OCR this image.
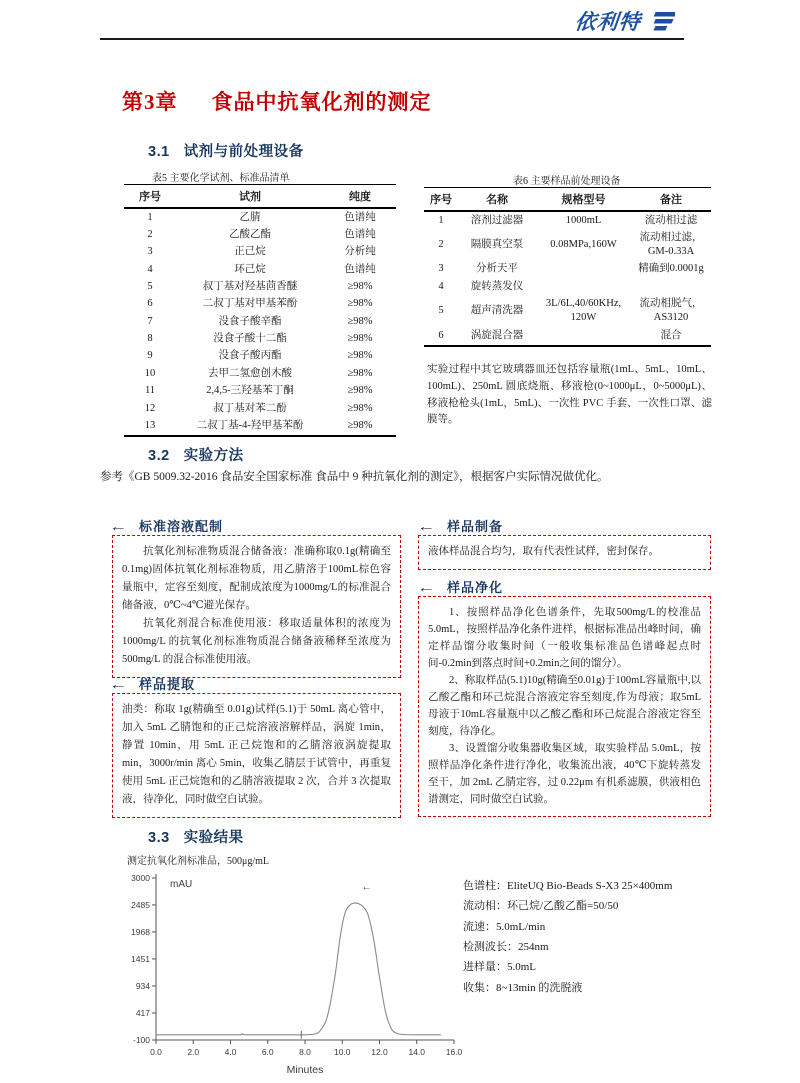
依利特
第3章 食品中抗氧化剂的测定
3.1 试剂与前处理设备
表5 主要化学试剂、标准品清单
序号	试剂	纯度
1	乙腈	色谱纯
2	乙酸乙酯	色谱纯
3	正己烷	分析纯
4	环己烷	色谱纯
5	叔丁基对羟基茴香醚	≥98%
6	二叔丁基对甲基苯酚	≥98%
7	没食子酸辛酯	≥98%
8	没食子酸十二酯	≥98%
9	没食子酸丙酯	≥98%
10	去甲二氢愈创木酸	≥98%
11	2,4,5-三羟基苯丁酮	≥98%
12	叔丁基对苯二酚	≥98%
13	二叔丁基-4-羟甲基苯酚	≥98%
表6 主要样品前处理设备
序号	名称	规格型号	备注
1	溶剂过滤器	1000mL	流动相过滤
2	隔膜真空泵	0.08MPa,160W	流动相过滤，GM-0.33A
3	分析天平		精确到0.0001g
4	旋转蒸发仪		
5	超声清洗器	3L/6L,40/60KHz, 120W	流动相脱气，AS3120
6	涡旋混合器		混合
实验过程中其它玻璃器皿还包括容量瓶(1mL、5mL、10mL、100mL)、250mL 圆底烧瓶、移液枪(0~1000μL，0~5000μL)、移液枪枪头(1mL，5mL)、一次性 PVC 手套、一次性口罩、滤膜等。
3.2 实验方法
参考《GB 5009.32-2016 食品安全国家标准 食品中 9 种抗氧化剂的测定》，根据客户实际情况做优化。
← 标准溶液配制

抗氧化剂标准物质混合储备液：准确称取0.1g(精确至0.1mg)固体抗氧化剂标准物质，用乙腈溶于100mL棕色容量瓶中，定容至刻度，配制成浓度为1000mg/L的标准混合储备液，0℃~4℃避光保存。

抗氧化剂混合标准使用液：移取适量体积的浓度为1000mg/L 的抗氧化剂标准物质混合储备液稀释至浓度为500mg/L 的混合标准使用液。

← 样品提取

油类：称取 1g(精确至 0.01g)试样(5.1)于 50mL 离心管中，加入 5mL 乙腈饱和的正己烷溶液溶解样品，涡旋 1min，静置 10min，用 5mL 正己烷饱和的乙腈溶液涡旋提取 min，3000r/min 离心 5min，收集乙腈层于试管中，再重复使用 5mL 正己烷饱和的乙腈溶液提取 2 次，合并 3 次提取液，待净化，同时做空白试验。

← 样品制备

液体样品混合均匀，取有代表性试样，密封保存。

← 样品净化

1、按照样品净化色谱条件，先取500mg/L的校准品5.0mL，按照样品净化条件进样，根据标准品出峰时间，确定样品馏分收集时间（一般收集标准品色谱峰起点时间-0.2min到落点时间+0.2min之间的馏分）。

2、称取样品(5.1)10g(精确至0.01g)于100mL容量瓶中,以乙酸乙酯和环己烷混合溶液定容至刻度,作为母液；取5mL母液于10mL容量瓶中以乙酸乙酯和环己烷混合溶液定容至刻度，待净化。

3、设置馏分收集器收集区域，取实验样品 5.0mL，按照样品净化条件进行净化，收集流出液，40℃下旋转蒸发至干，加 2mL 乙腈定容，过 0.22μm 有机系滤膜，供液相色谱测定，同时做空白试验。

3.3 实验结果
测定抗氧化剂标准品，500μg/mL
3000
2485
1968
1451
934
417
-100
0.0	2.0	4.0	6.0	8.0	10.0 12.0 14.0 16.0
mAU
Minutes
←	色谱柱：EliteUQ Bio-Beads S-X3 25×400mm
流动相：环己烷/乙酸乙酯=50/50
流速：5.0mL/min
检测波长：254nm
进样量：5.0mL
收集：8~13min 的洗脱液
